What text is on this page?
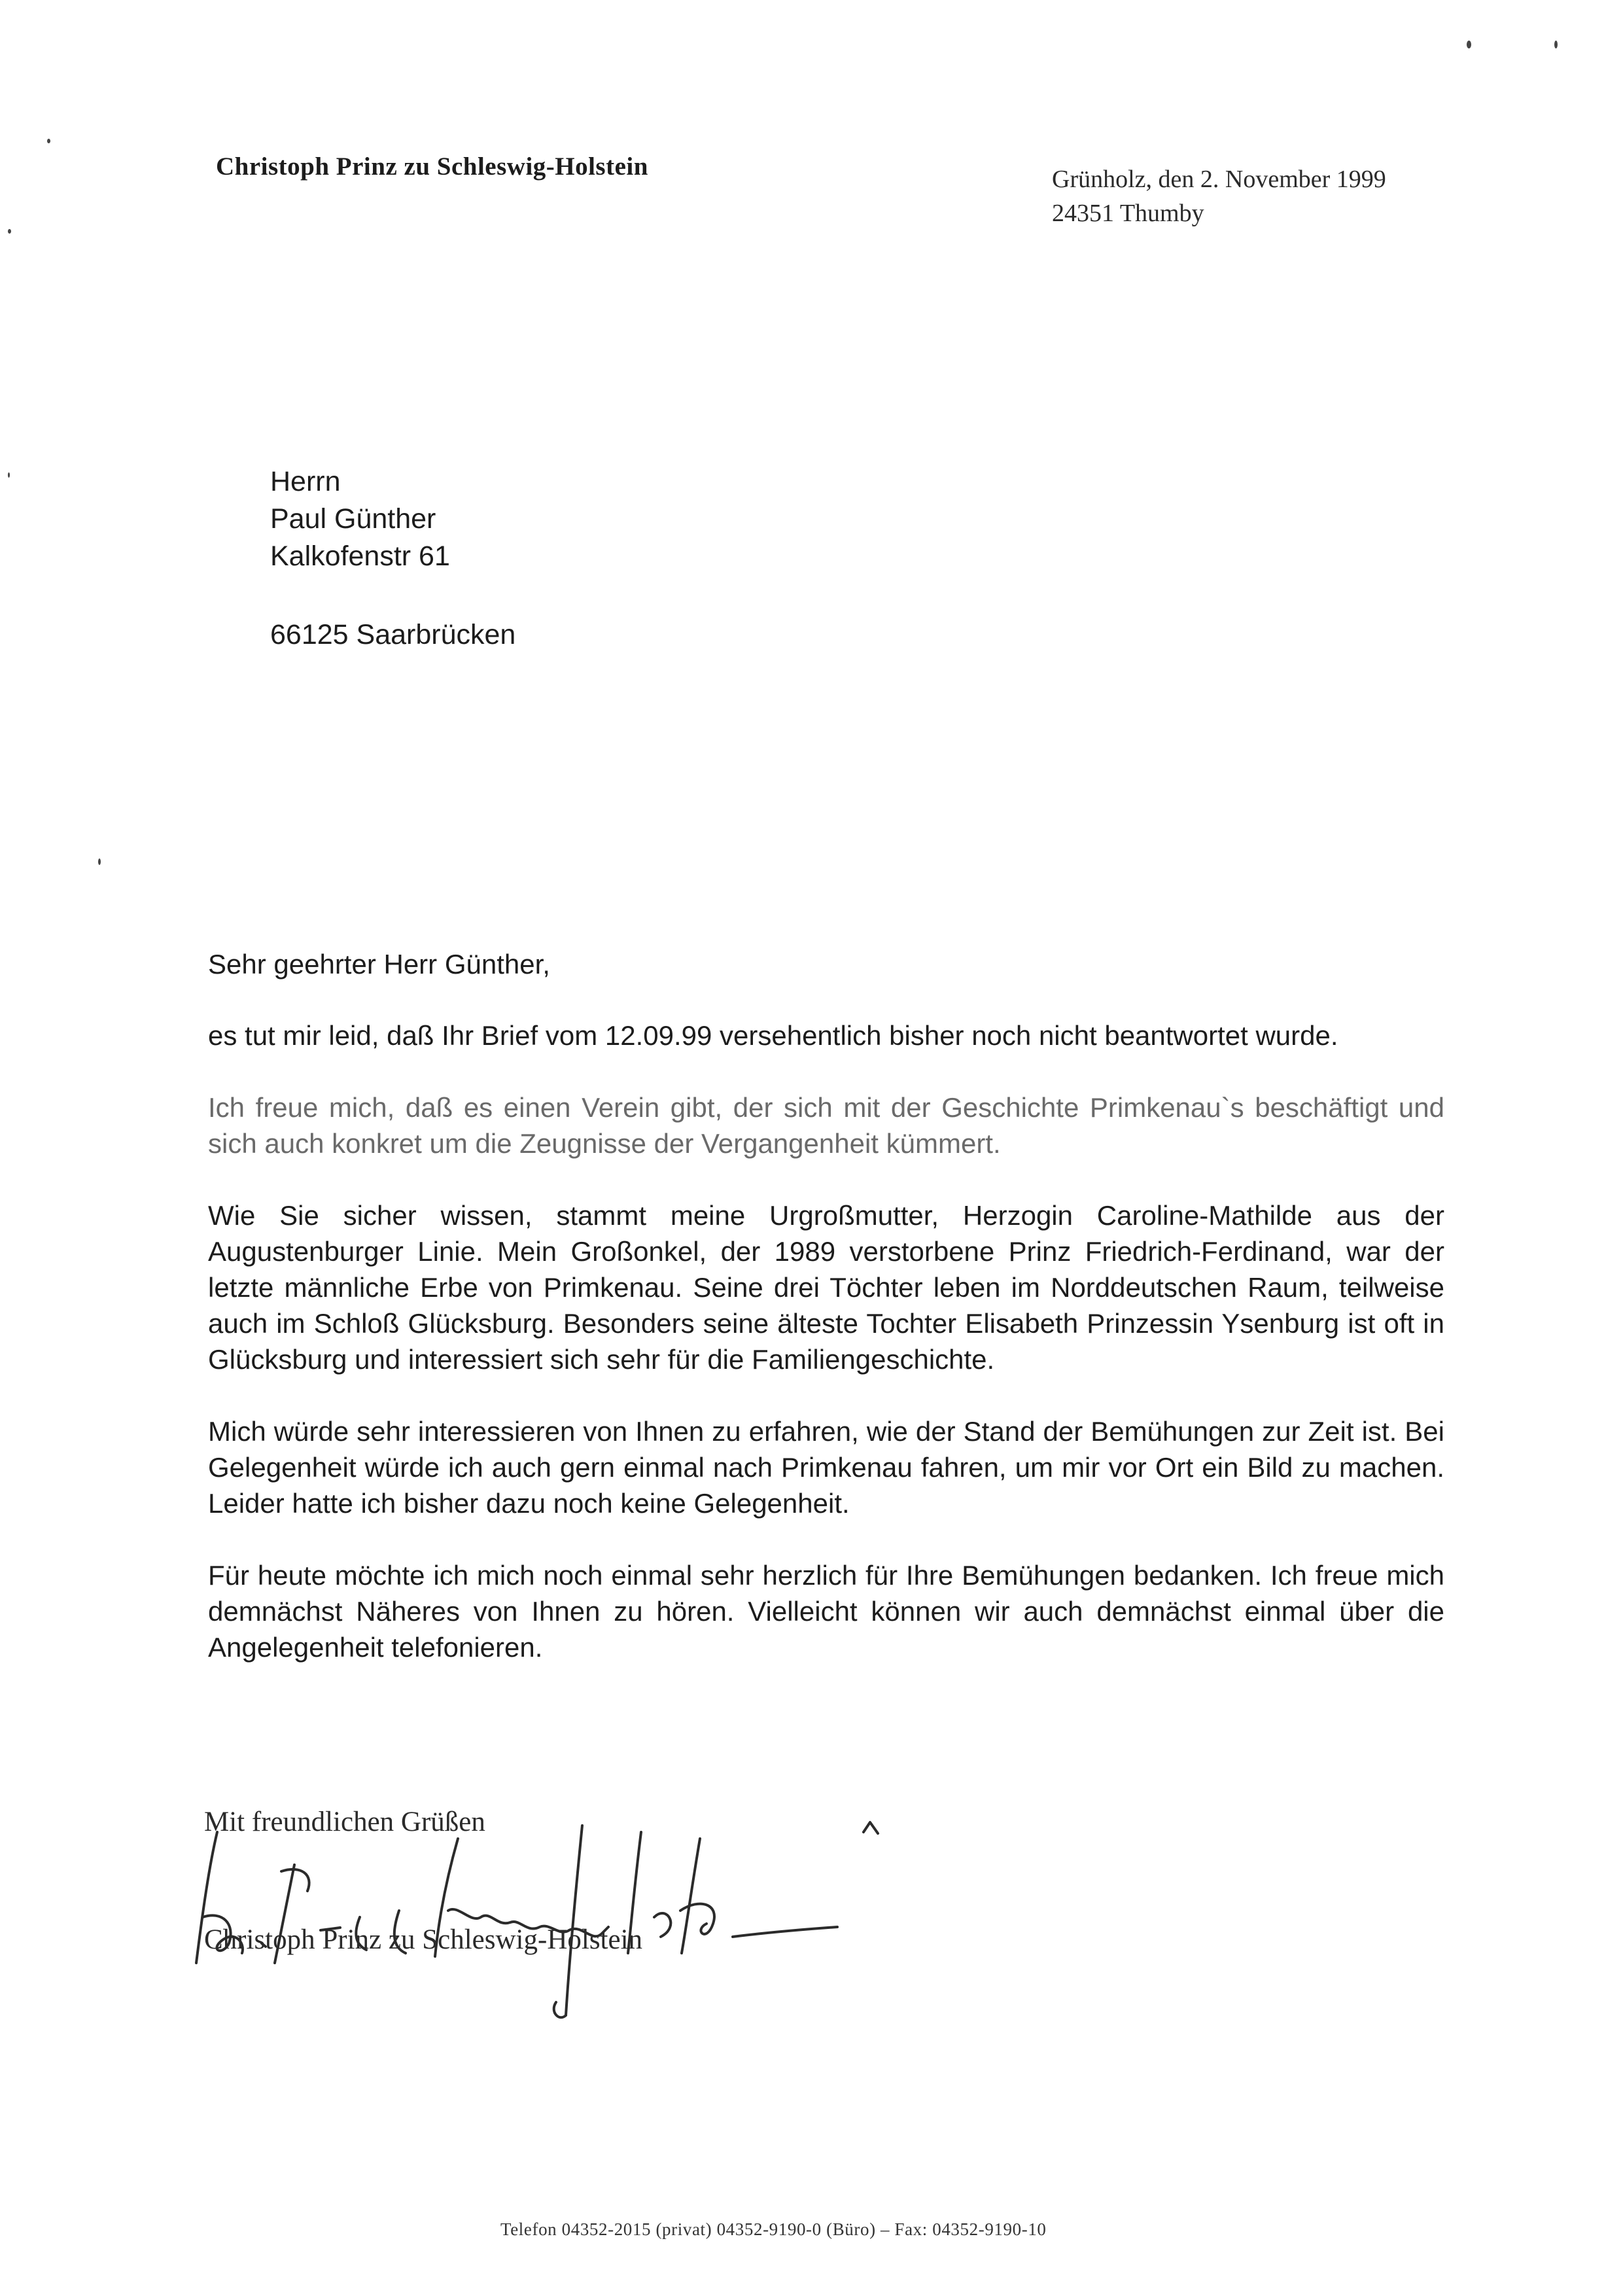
Christoph Prinz zu Schleswig-Holstein	Grünholz, den 2. November 1999
24351 Thumby
Herrn
Paul Günther
Kalkofenstr 61
66125 Saarbrücken
Sehr geehrter Herr Günther,

es tut mir leid, daß Ihr Brief vom 12.09.99 versehentlich bisher noch nicht beantwortet wurde.

Ich freue mich, daß es einen Verein gibt, der sich mit der Geschichte Primkenau`s beschäftigt und sich auch konkret um die Zeugnisse der Vergangenheit kümmert.

Wie Sie sicher wissen, stammt meine Urgroßmutter, Herzogin Caroline-Mathilde aus der Augustenburger Linie. Mein Großonkel, der 1989 verstorbene Prinz Friedrich-Ferdinand, war der letzte männliche Erbe von Primkenau. Seine drei Töchter leben im Norddeutschen Raum, teilweise auch im Schloß Glücksburg. Besonders seine älteste Tochter Elisabeth Prinzessin Ysenburg ist oft in Glücksburg und interessiert sich sehr für die Familiengeschichte.

Mich würde sehr interessieren von Ihnen zu erfahren, wie der Stand der Bemühungen zur Zeit ist. Bei Gelegenheit würde ich auch gern einmal nach Primkenau fahren, um mir vor Ort ein Bild zu machen. Leider hatte ich bisher dazu noch keine Gelegenheit.

Für heute möchte ich mich noch einmal sehr herzlich für Ihre Bemühungen bedanken. Ich freue mich demnächst Näheres von Ihnen zu hören. Vielleicht können wir auch demnächst einmal über die Angelegenheit telefonieren.

Mit freundlichen Grüßen
Christoph Prinz zu Schleswig-Holstein
Telefon 04352-2015 (privat) 04352-9190-0 (Büro) – Fax: 04352-9190-10
